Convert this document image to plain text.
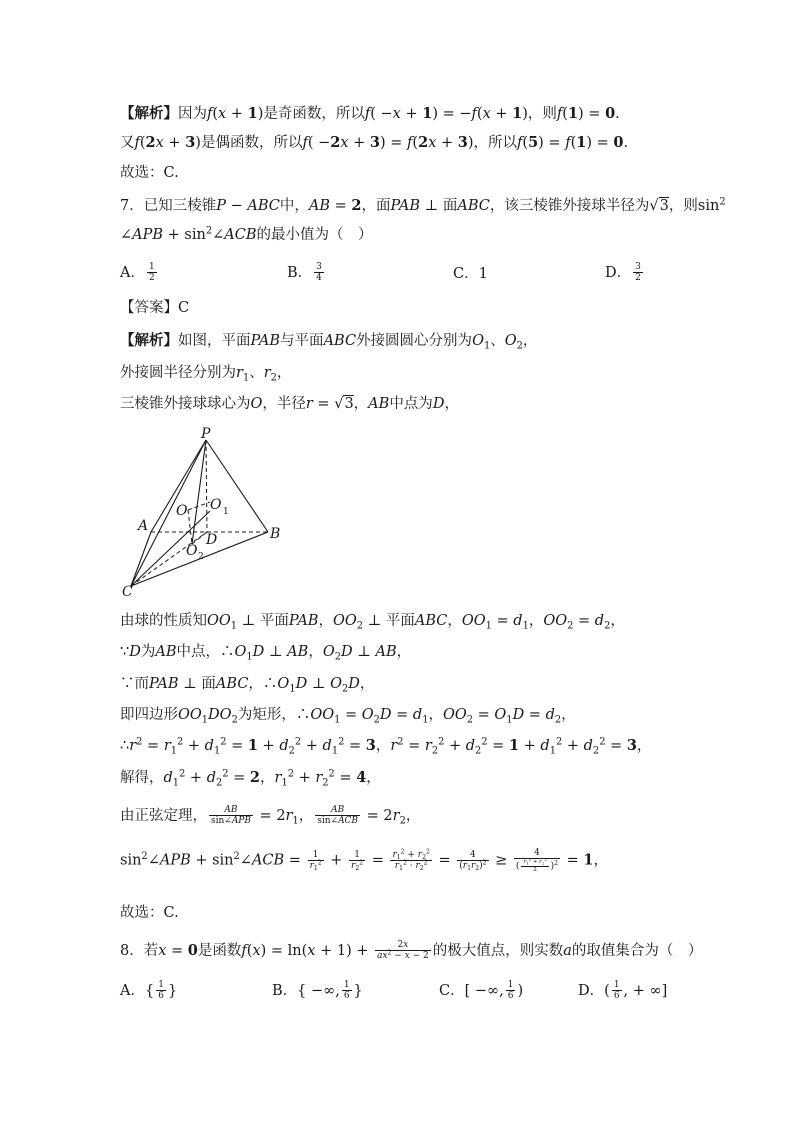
【解析】因为f(x + 1)是奇函数，所以f( −x + 1) = −f(x + 1)，则f(1) = 0.
又f(2x + 3)是偶函数，所以f( −2x + 3) = f(2x + 3)，所以f(5) = f(1) = 0.
故选：C.
7．已知三棱锥P − ABC中，AB = 2，面PAB ⊥ 面ABC，该三棱锥外接球半径为√3，则$\sin^2$
∠APB + $\sin^2\angle ACB$的最小值为（　）
A． $\frac{1}{2}$	B． $\frac{3}{4}$	C．1	D． $\frac{3}{2}$
【答案】C
【解析】如图，平面PAB与平面ABC外接圆圆心分别为$O_1$、$O_2$，
外接圆半径分别为$r_1$、$r_2$，
三棱锥外接球球心为O，半径r = √3，AB中点为D，
P
O O 1
A
D	B
O 2
C
由球的性质知$OO_1$ ⊥ 平面PAB，$OO_2$ ⊥ 平面ABC，$OO_1 = d_1$，$OO_2 = d_2$，
∵D为AB中点，$\therefore O_1D$ ⊥ AB，$O_2D$ ⊥ AB，
∵而PAB ⊥ 面ABC，$\therefore O_1D$ ⊥ $O_2D$，
即四边形$OO_1DO_2$为矩形，$\therefore OO_1 = O_2D = d_1$，$OO_2 = O_1D = d_2$，
$\therefore r^2 = r_1^2 + d_1^2 = 1 + d_2^2 + d_1^2 = 3$，$r^2 = r_2^2 + d_2^2 = 1 + d_1^2 + d_2^2 = 3$，
解得，$d_1^2 + d_2^2 = 2$，$r_1^2 + r_2^2 = 4$，
由正弦定理， $\frac{AB}{\text{sin∠APB}} = 2r_1$， $\frac{AB}{\text{sin∠ACB}} = 2r_2$，
$\sin^2\angle APB$ + $\sin^2\angle ACB = \frac{1}{r_1^2} + \frac{1}{r_2^2} = \frac{r_1^2 + r_2^2}{r_1^2 \cdot r_2^2} = \frac{4}{(r_1r_2)^2} \ge \frac{4}{( \frac{r_1^2 + r_2^2}{2} )^2} = 1$，
故选：C.
8．若x = 0是函数$f(x) = \ln(x + 1) + \frac{2x}{ax^2 - x - 2}$ 的极大值点，则实数a的取值集合为（　）
A．{ $\frac{1}{6}$ }	B．{ −∞, $\frac{1}{6}$ }	C．[ −∞, $\frac{1}{6}$ )	D．( $\frac{1}{6}$ , + ∞]
